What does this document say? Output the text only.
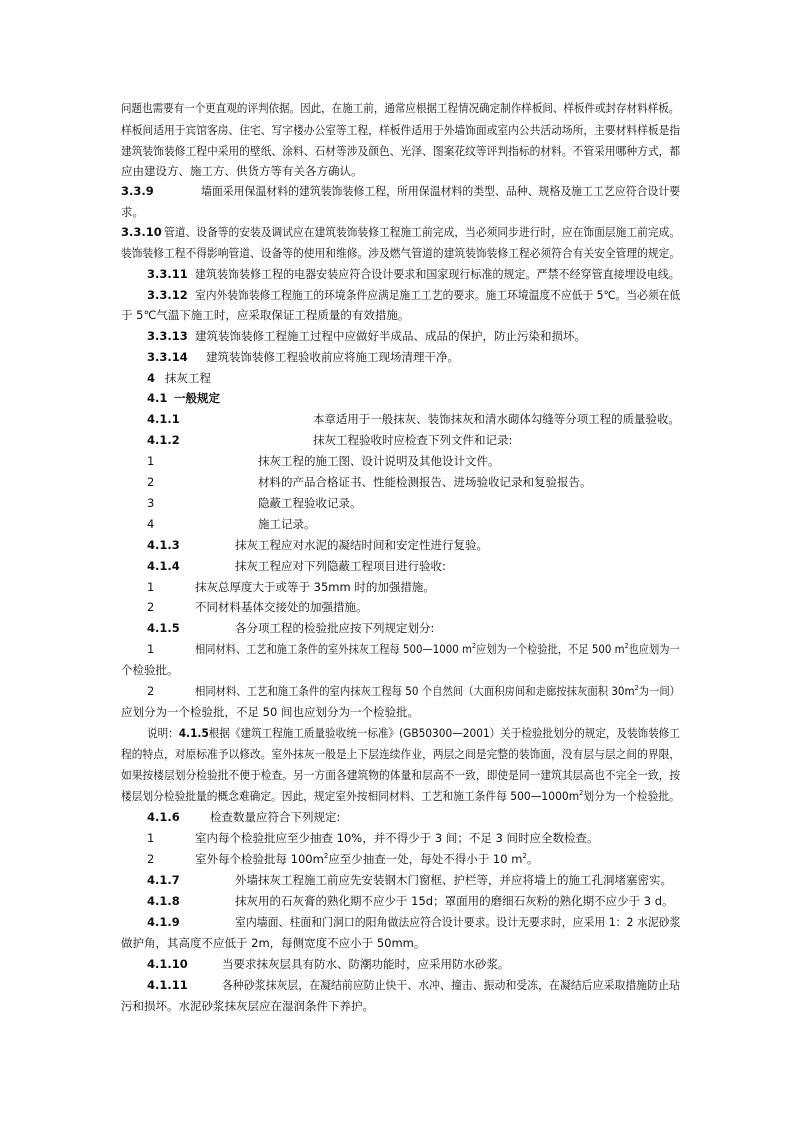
问题也需要有一个更直观的评判依据。因此，在施工前，通常应根据工程情况确定制作样板间、样板件或封存材料样板。
样板间适用于宾馆客房、住宅、写字楼办公室等工程，样板件适用于外墙饰面或室内公共活动场所，主要材料样板是指
建筑装饰装修工程中采用的壁纸、涂料、石材等涉及颜色、光泽、图案花纹等评判指标的材料。不管采用哪种方式，都
应由建设方、施工方、供货方等有关各方确认。
3.3.9	墙面采用保温材料的建筑装饰装修工程，所用保温材料的类型、品种、规格及施工工艺应符合设计要
求。
3.3.10 管道、设备等的安装及调试应在建筑装饰装修工程施工前完成，当必须同步进行时，应在饰面层施工前完成。
装饰装修工程不得影响管道、设备等的使用和维修。涉及燃气管道的建筑装饰装修工程必须符合有关安全管理的规定。
3.3.11 建筑装饰装修工程的电器安装应符合设计要求和国家现行标准的规定。严禁不经穿管直接埋设电线。
3.3.12 室内外装饰装修工程施工的环境条件应满足施工工艺的要求。施工环境温度不应低于 5℃。当必须在低
于 5℃气温下施工时，应采取保证工程质量的有效措施。
3.3.13 建筑装饰装修工程施工过程中应做好半成品、成品的保护，防止污染和损坏。
3.3.14 建筑装饰装修工程验收前应将施工现场清理干净。
4 抹灰工程
4.1 一般规定
4.1.1	本章适用于一般抹灰、装饰抹灰和清水砌体勾缝等分项工程的质量验收。
4.1.2	抹灰工程验收时应检查下列文件和记录:
1	抹灰工程的施工图、设计说明及其他设计文件。
2	材料的产品合格证书、性能检测报告、进场验收记录和复验报告。
3	隐蔽工程验收记录。
4	施工记录。
4.1.3	抹灰工程应对水泥的凝结时间和安定性进行复验。
4.1.4	抹灰工程应对下列隐蔽工程项目进行验收:
1	抹灰总厚度大于或等于 35mm 时的加强措施。
2	不同材料基体交接处的加强措施。
4.1.5	各分项工程的检验批应按下列规定划分:
1	相同材料、工艺和施工条件的室外抹灰工程每 500—1000 $m^2$应划为一个检验批，不足 500 $m^2$也应划为一
个检验批。
2	相同材料、工艺和施工条件的室内抹灰工程每 50 个自然间（大面积房间和走廊按抹灰面积 $30m^2$为一间）
应划分为一个检验批，不足 50 间也应划分为一个检验批。
说明：4.1.5根据《建筑工程施工质量验收统一标准》(GB50300—2001）关于检验批划分的规定，及装饰装修工
程的特点，对原标准予以修改。室外抹灰一般是上下层连续作业，两层之间是完整的装饰面，没有层与层之间的界限，
如果按楼层划分检验批不便于检查。另一方面各建筑物的体量和层高不一致，即使是同一建筑其层高也不完全一致，按
楼层划分检验批量的概念难确定。因此，规定室外按相同材料、工艺和施工条件每 $500—1000m^2$划分为一个检验批。
4.1.6	检查数量应符合下列规定:
1	室内每个检验批应至少抽查 10%，并不得少于 3 间；不足 3 间时应全数检查。
2	室外每个检验批每 $100m^2$应至少抽查一处，每处不得小于 10 $m^2$。
4.1.7	外墙抹灰工程施工前应先安装钢木门窗框、护栏等，并应将墙上的施工孔洞堵塞密实。
4.1.8	抹灰用的石灰膏的熟化期不应少于 15d；罩面用的磨细石灰粉的熟化期不应少于 3 d。
4.1.9	室内墙面、柱面和门洞口的阳角做法应符合设计要求。设计无要求时，应采用 1：2 水泥砂浆
做护角，其高度不应低于 2m，每侧宽度不应小于 50mm。
4.1.10	当要求抹灰层具有防水、防潮功能时，应采用防水砂浆。
4.1.11	各种砂浆抹灰层，在凝结前应防止快干、水冲、撞击、振动和受冻，在凝结后应采取措施防止玷
污和损坏。水泥砂浆抹灰层应在湿润条件下养护。
